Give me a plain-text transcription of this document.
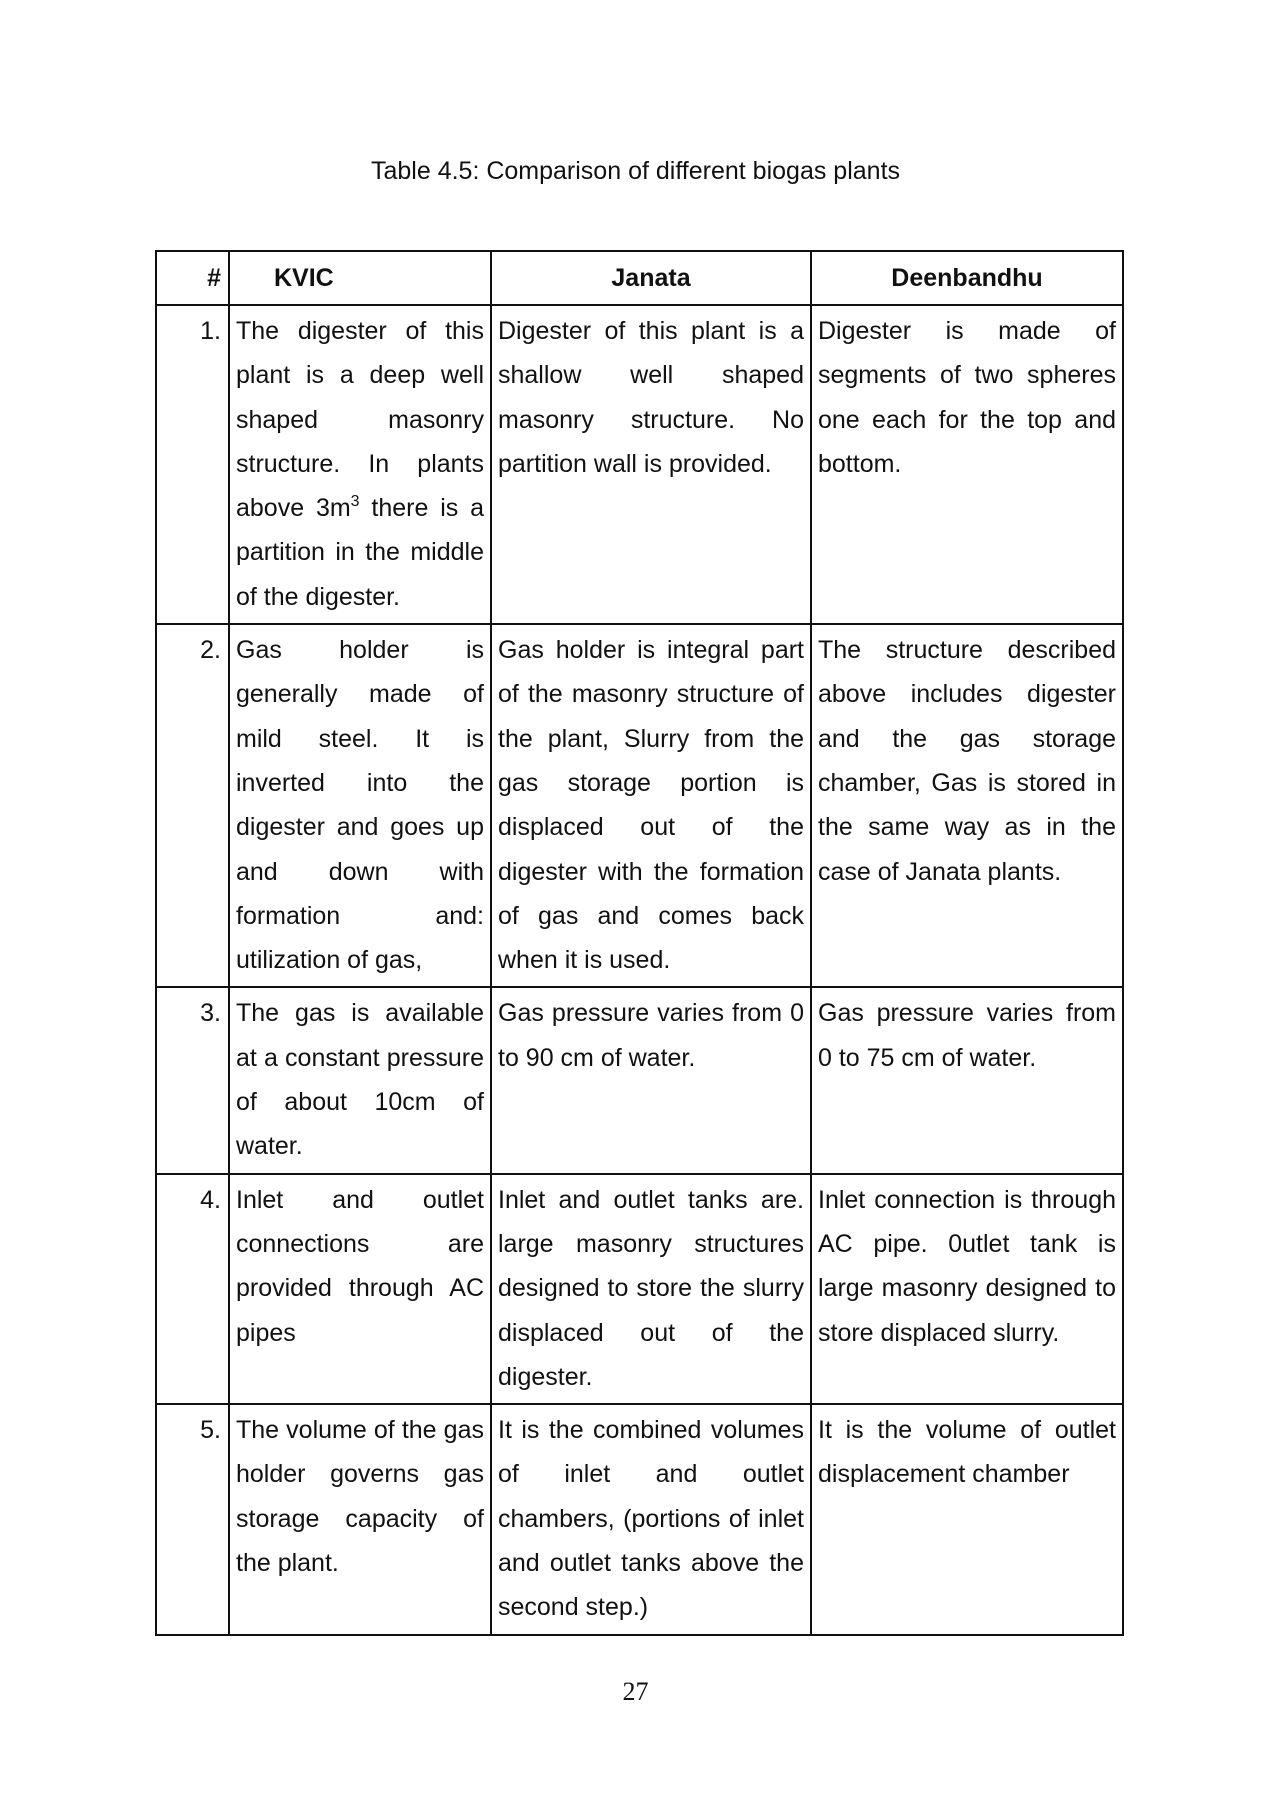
Table 4.5: Comparison of different biogas plants
#	KVIC	Janata	Deenbandhu
1.	The digester of this plant is a deep well shaped masonry structure. In plants above $3m^3$ there is a partition in the middle of the digester.	Digester of this plant is a shallow well shaped masonry structure. No partition wall is provided.	Digester is made of segments of two spheres one each for the top and bottom.
2.	Gas holder is generally made of mild steel. It is inverted into the digester and goes up and down with formation and: utilization of gas,	Gas holder is integral part of the masonry structure of the plant, Slurry from the gas storage portion is displaced out of the digester with the formation of gas and comes back when it is used.	The structure described above includes digester and the gas storage chamber, Gas is stored in the same way as in the case of Janata plants.
3.	The gas is available at a constant pressure of about 10cm of water.	Gas pressure varies from 0 to 90 cm of water.	Gas pressure varies from 0 to 75 cm of water.
4.	Inlet and outlet connections are provided through AC pipes	Inlet and outlet tanks are. large masonry structures designed to store the slurry displaced out of the digester.	Inlet connection is through AC pipe. 0utlet tank is large masonry designed to store displaced slurry.
5.	The volume of the gas holder governs gas storage capacity of the plant.	It is the combined volumes of inlet and outlet chambers, (portions of inlet and outlet tanks above the second step.)	It is the volume of outlet displacement chamber
27
